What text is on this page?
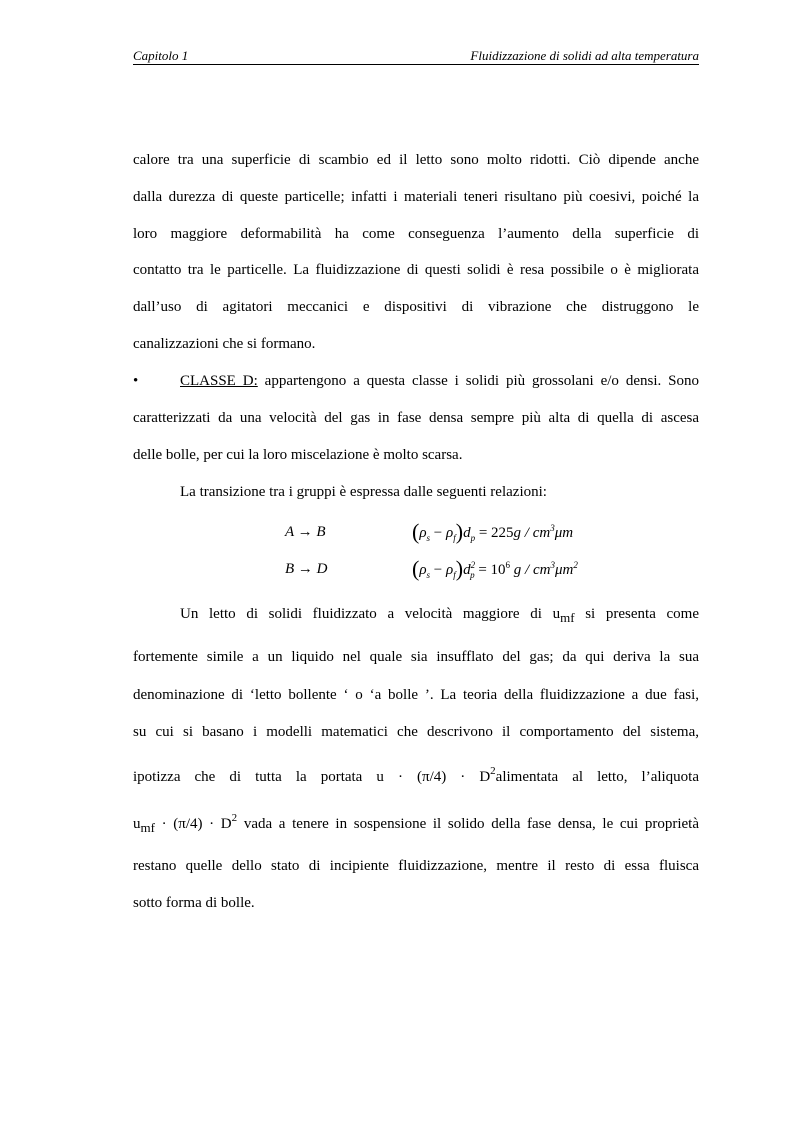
Capitolo 1	Fluidizzazione di solidi ad alta temperatura
calore tra una superficie di scambio ed il letto sono molto ridotti. Ciò dipende anche
dalla durezza di queste particelle; infatti i materiali teneri risultano più coesivi, poiché la
loro maggiore deformabilità ha come conseguenza l’aumento della superficie di
contatto tra le particelle. La fluidizzazione di questi solidi è resa possibile o è migliorata
dall’uso di agitatori meccanici e dispositivi di vibrazione che distruggono le
canalizzazioni che si formano.
•	CLASSE D: appartengono a questa classe i solidi più grossolani e/o densi. Sono
caratterizzati da una velocità del gas in fase densa sempre più alta di quella di ascesa
delle bolle, per cui la loro miscelazione è molto scarsa.
La transizione tra i gruppi è espressa dalle seguenti relazioni:
A → B	$(\rho_s - \rho_f)d_p = 225g / cm^3\mu m$
B → D	$(\rho_s - \rho_f)d^2_p = 10^6$ g / $cm^3\mu m^2$
Un letto di solidi fluidizzato a velocità maggiore di umf si presenta come
fortemente simile a un liquido nel quale sia insufflato del gas; da qui deriva la sua
denominazione di ‘letto bollente ‘ o ‘a bolle ’. La teoria della fluidizzazione a due fasi,
su cui si basano i modelli matematici che descrivono il comportamento del sistema,
ipotizza che di tutta la portata $u \cdot (\pi/4) \cdot D^2alimentata$ al letto, l’aliquota
umf · $(\pi/4) \cdot D^2$ vada a tenere in sospensione il solido della fase densa, le cui proprietà
restano quelle dello stato di incipiente fluidizzazione, mentre il resto di essa fluisca
sotto forma di bolle.
